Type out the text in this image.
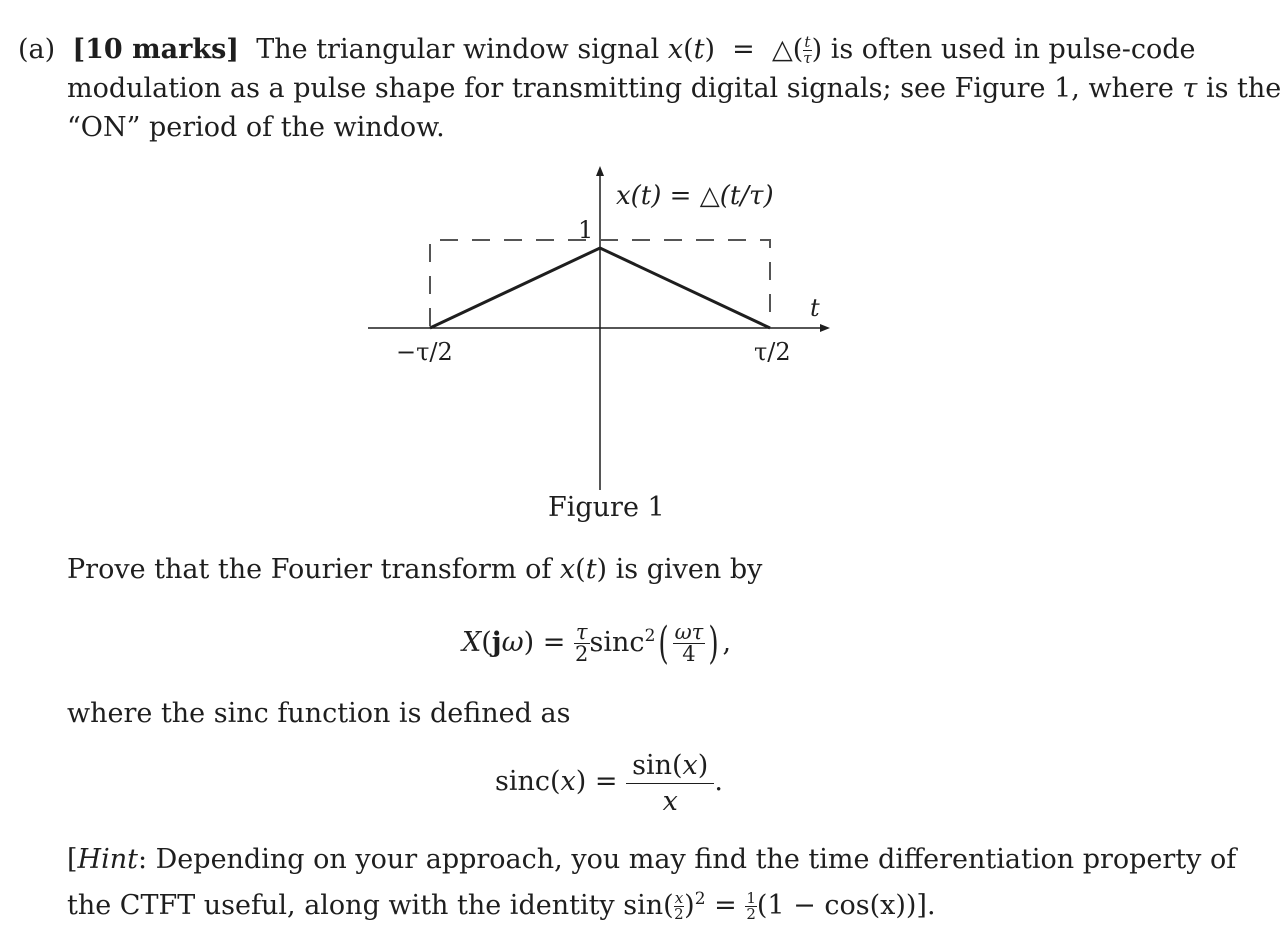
(a) [10 marks] The triangular window signal x(t)  =  △( $\frac{t}{\tau}$ ) is often used in pulse-code
modulation as a pulse shape for transmitting digital signals; see Figure 1, where τ is the
“ON” period of the window.
1
x(t) = △(t/τ)
−τ/2	τ/2
t
Figure 1
Prove that the Fourier transform of x(t) is given by
$X(j\omega) = \frac{\tau}{2} \sin c^2( \frac{\omega\tau}{4}$ ) ,
where the sinc function is defined as
$\sin c(x) = \frac{\sin(x)}{x}$ .
[Hint: Depending on your approach, you may find the time differentiation property of
the CTFT useful, along with the identity $\sin( \frac{x}{2} )^2 = \frac{1}{2} (1 - \cos(x))$].
